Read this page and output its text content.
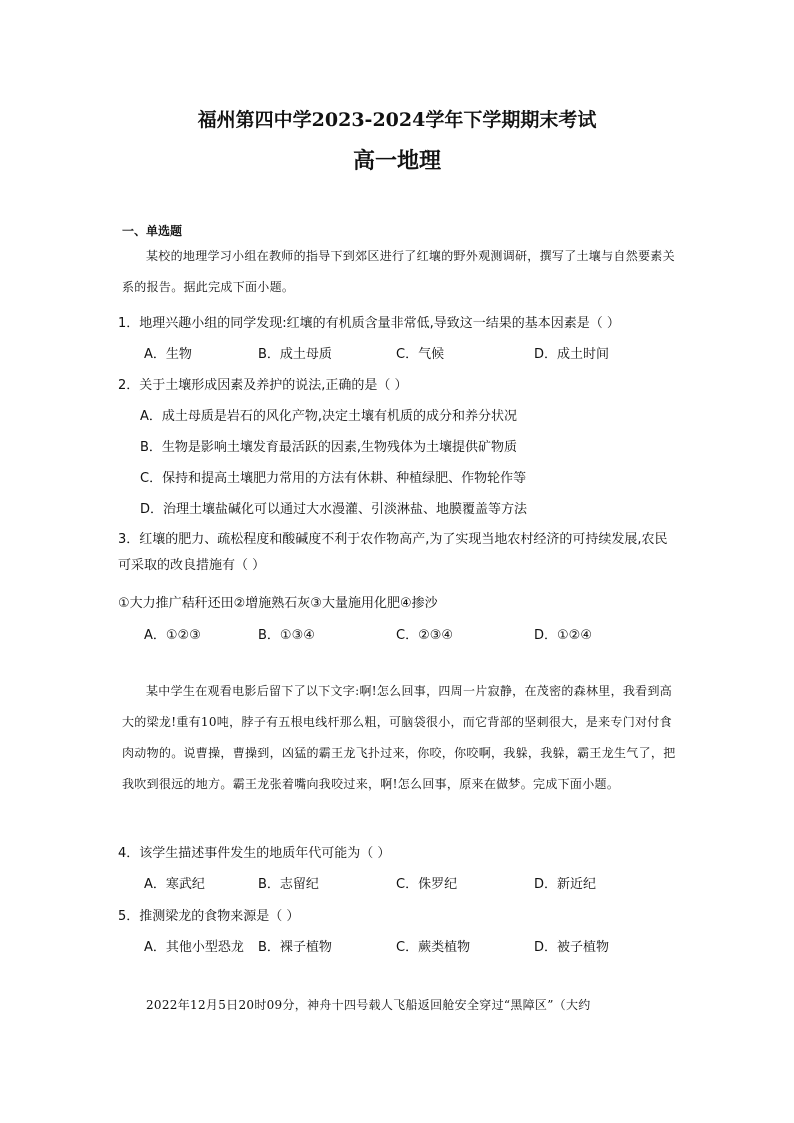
福州第四中学2023-2024学年下学期期末考试
高一地理
一、单选题
某校的地理学习小组在教师的指导下到郊区进行了红壤的野外观测调研，撰写了土壤与自然要素关系的报告。据此完成下面小题。
1．地理兴趣小组的同学发现:红壤的有机质含量非常低,导致这一结果的基本因素是（ ）
A．生物	B．成土母质	C．气候	D．成土时间
2．关于土壤形成因素及养护的说法,正确的是（ ）
A．成土母质是岩石的风化产物,决定土壤有机质的成分和养分状况
B．生物是影响土壤发育最活跃的因素,生物残体为土壤提供矿物质
C．保持和提高土壤肥力常用的方法有休耕、种植绿肥、作物轮作等
D．治理土壤盐碱化可以通过大水漫灌、引淡淋盐、地膜覆盖等方法
3．红壤的肥力、疏松程度和酸碱度不利于农作物高产,为了实现当地农村经济的可持续发展,农民可采取的改良措施有（ ）
①大力推广秸秆还田②增施熟石灰③大量施用化肥④掺沙
A．①②③	B．①③④	C．②③④	D．①②④
某中学生在观看电影后留下了以下文字:啊!怎么回事，四周一片寂静，在茂密的森林里，我看到高大的梁龙!重有10吨，脖子有五根电线杆那么粗，可脑袋很小，而它背部的坚刺很大，是来专门对付食肉动物的。说曹操，曹操到，凶猛的霸王龙飞扑过来，你咬，你咬啊，我躲，我躲，霸王龙生气了，把我吹到很远的地方。霸王龙张着嘴向我咬过来，啊!怎么回事，原来在做梦。完成下面小题。
4．该学生描述事件发生的地质年代可能为（ ）
A．寒武纪	B．志留纪	C．侏罗纪	D．新近纪
5．推测梁龙的食物来源是（ ）
A．其他小型恐龙 B．裸子植物	C．蕨类植物	D．被子植物
2022年12月5日20时09分，神舟十四号载人飞船返回舱安全穿过“黑障区”（大约
